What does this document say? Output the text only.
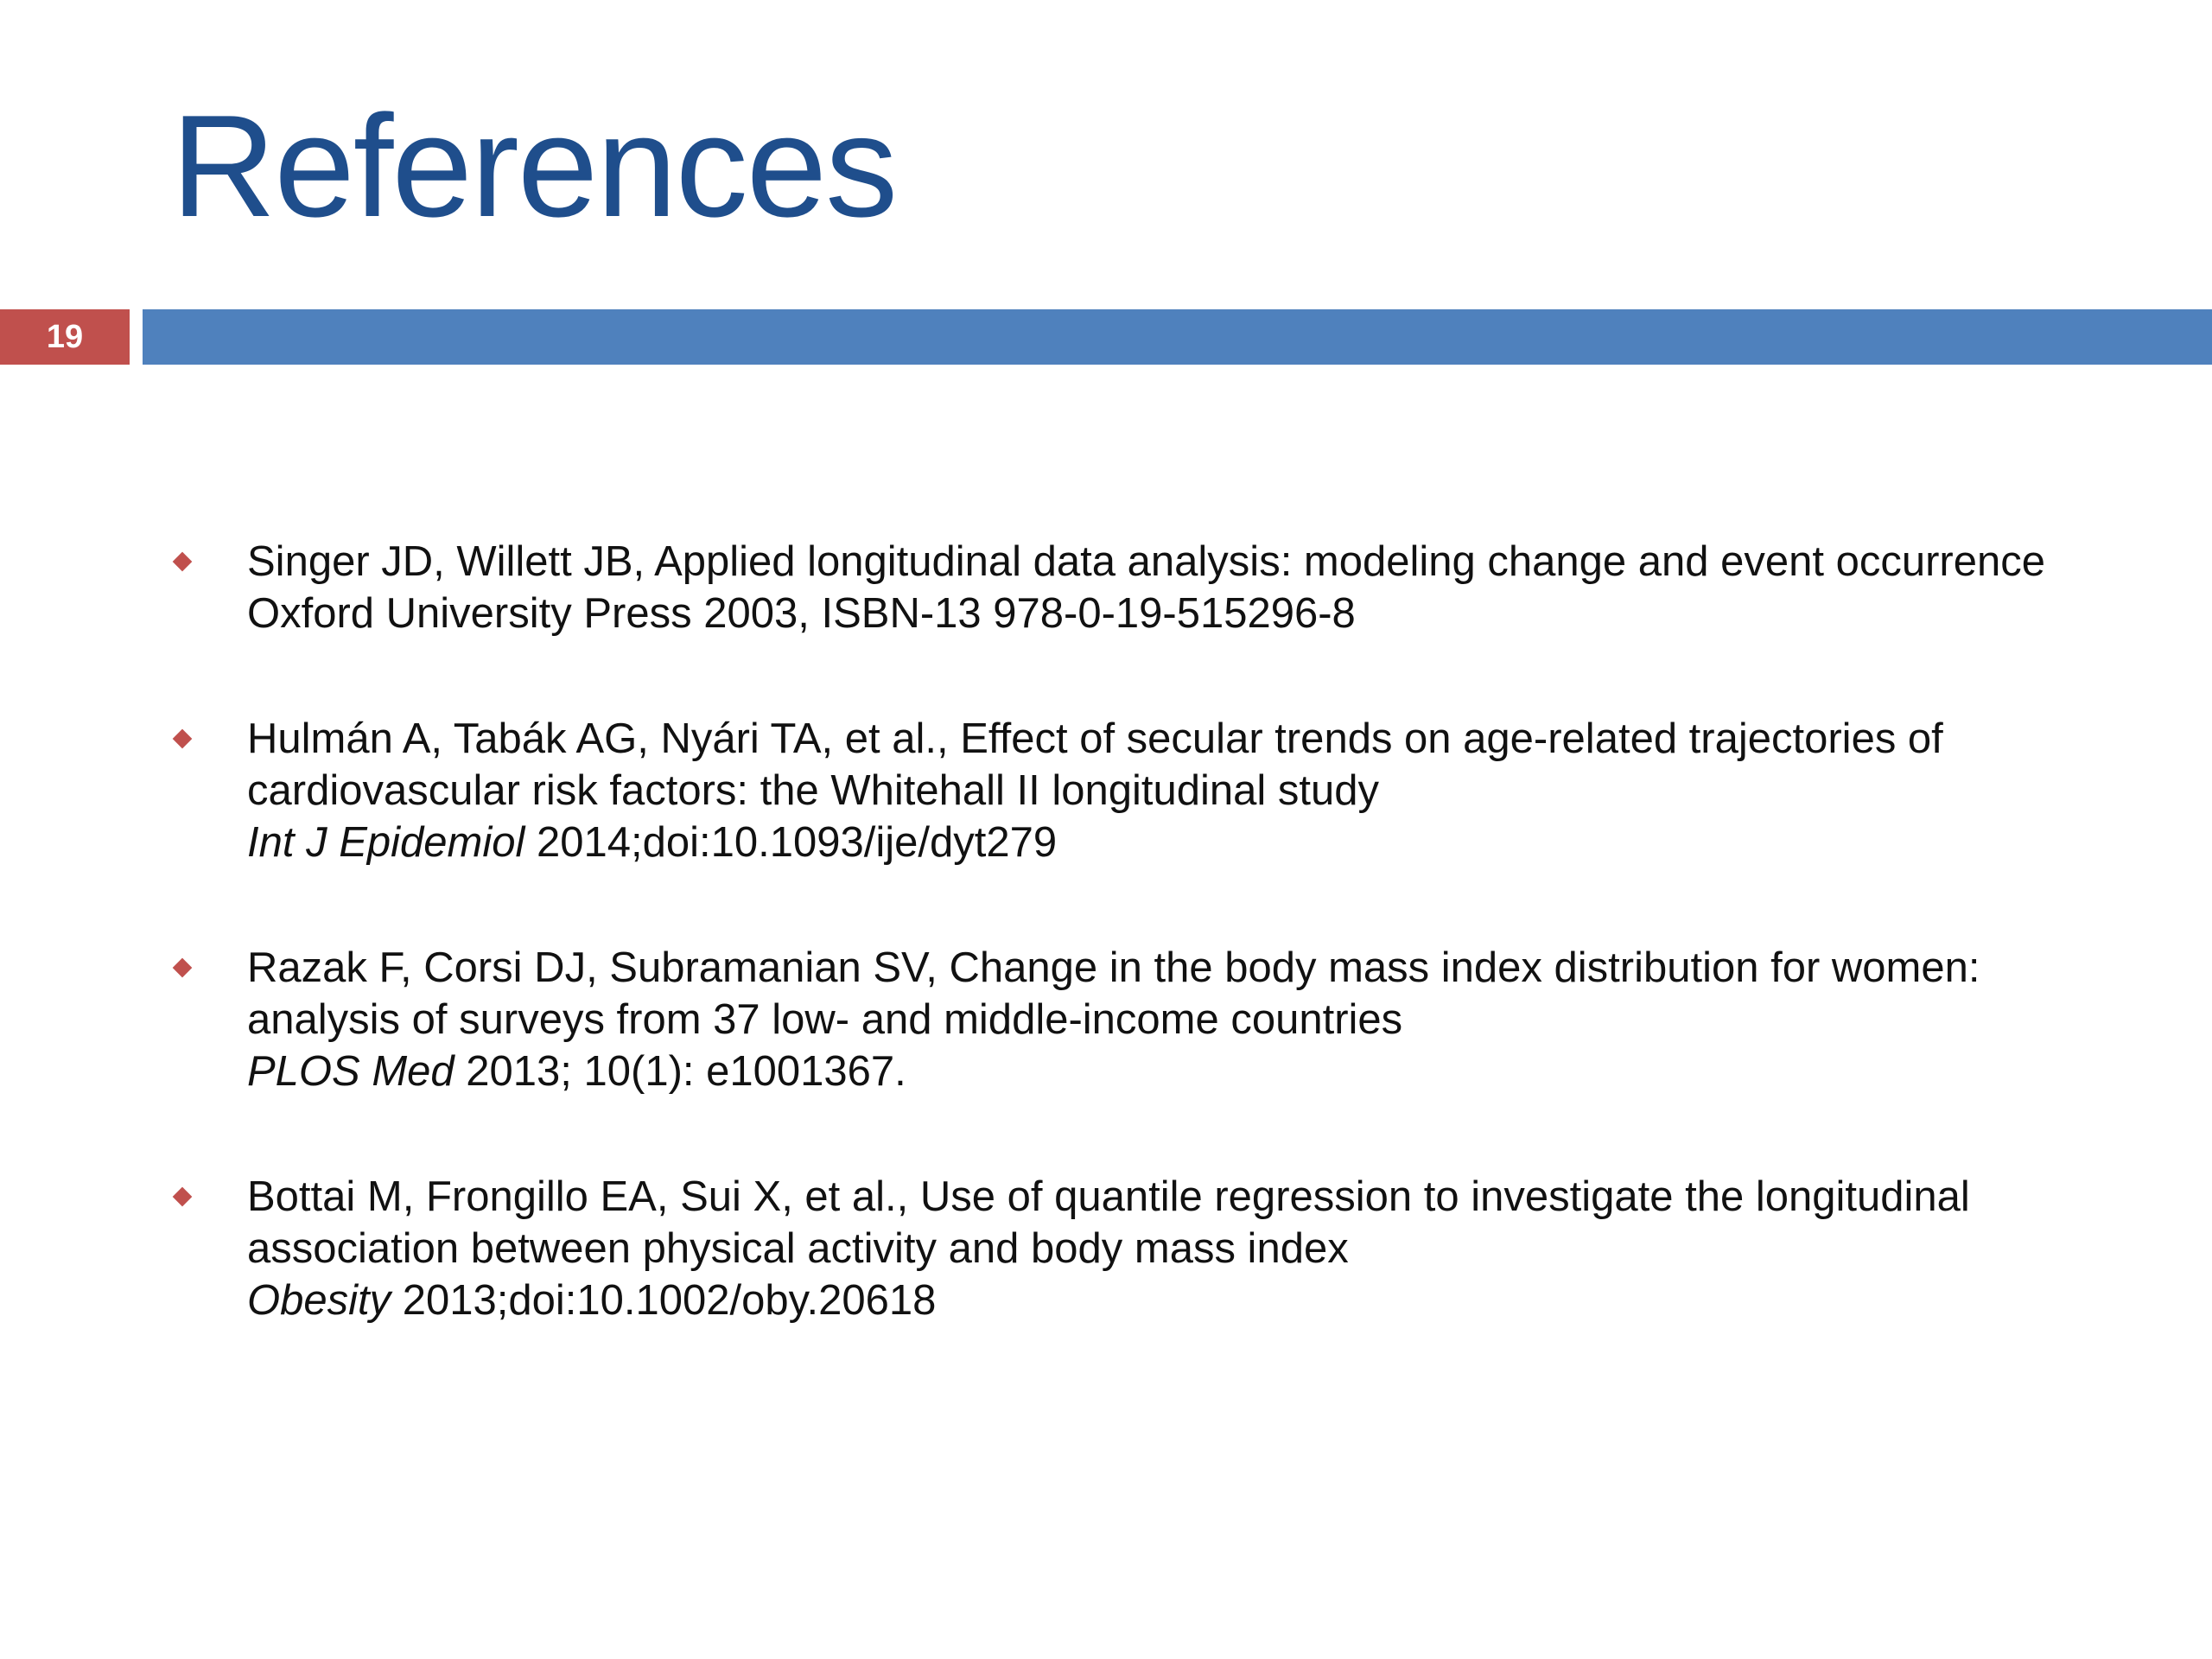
References
19

Singer JD, Willett JB, Applied longitudinal data analysis: modeling change and event occurrence
Oxford University Press 2003, ISBN-13 978-0-19-515296-8

Hulmán A, Tabák AG, Nyári TA, et al., Effect of secular trends on age-related trajectories of
cardiovascular risk factors: the Whitehall II longitudinal study
Int J Epidemiol 2014;doi:10.1093/ije/dyt279

Razak F, Corsi DJ, Subramanian SV, Change in the body mass index distribution for women:
analysis of surveys from 37 low- and middle-income countries
PLOS Med 2013; 10(1): e1001367.

Bottai M, Frongillo EA, Sui X, et al., Use of quantile regression to investigate the longitudinal
association between physical activity and body mass index
Obesity 2013;doi:10.1002/oby.20618
